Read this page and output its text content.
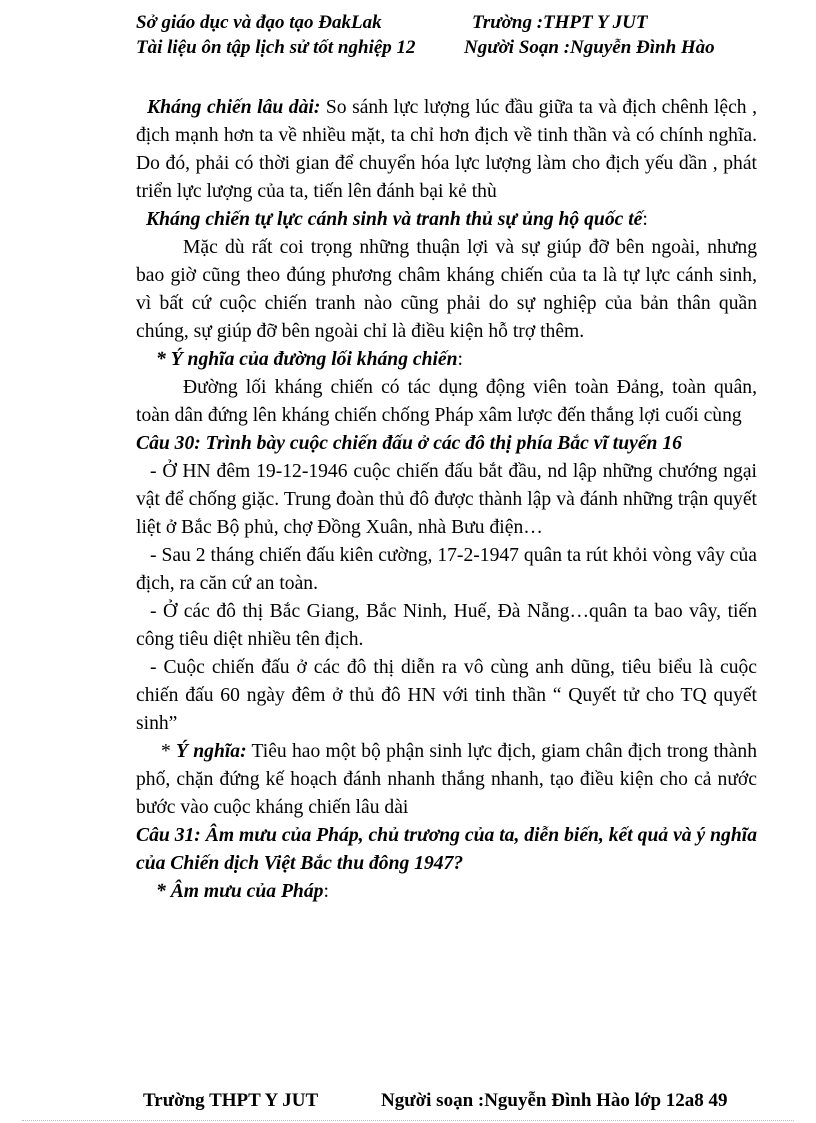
Sở giáo dục và đạo tạo ĐakLak	Trường :THPT Y JUT
Tài liệu ôn tập lịch sử tốt nghiệp 12	Người Soạn :Nguyễn Đình Hào

Kháng chiến lâu dài: So sánh lực lượng lúc đầu giữa ta và địch chênh lệch , địch mạnh hơn ta về nhiều mặt, ta chỉ hơn địch về tinh thần và có chính nghĩa. Do đó, phải có thời gian để chuyển hóa lực lượng làm cho địch yếu dần , phát triển lực lượng của ta, tiến lên đánh bại kẻ thù

Kháng chiến tự lực cánh sinh và tranh thủ sự ủng hộ quốc tế:

Mặc dù rất coi trọng những thuận lợi và sự giúp đỡ bên ngoài, nhưng bao giờ cũng theo đúng phương châm kháng chiến của ta là tự lực cánh sinh, vì bất cứ cuộc chiến tranh nào cũng phải do sự nghiệp của bản thân quần chúng, sự giúp đỡ bên ngoài chỉ là điều kiện hỗ trợ thêm.

* Ý nghĩa của đường lối kháng chiến:

Đường lối kháng chiến có tác dụng động viên toàn Đảng, toàn quân, toàn dân đứng lên kháng chiến chống Pháp xâm lược đến thắng lợi cuối cùng

Câu 30: Trình bày cuộc chiến đấu ở các đô thị phía Bắc vĩ tuyến 16

- Ở HN đêm 19-12-1946 cuộc chiến đấu bắt đầu, nd lập những chướng ngại vật để chống giặc. Trung đoàn thủ đô được thành lập và đánh những trận quyết liệt ở Bắc Bộ phủ, chợ Đồng Xuân, nhà Bưu điện…

- Sau 2 tháng chiến đấu kiên cường, 17-2-1947 quân ta rút khỏi vòng vây của địch, ra căn cứ an toàn.

- Ở các đô thị Bắc Giang, Bắc Ninh, Huế, Đà Nẵng…quân ta bao vây, tiến công tiêu diệt nhiều tên địch.

- Cuộc chiến đấu ở các đô thị diễn ra vô cùng anh dũng, tiêu biểu là cuộc chiến đấu 60 ngày đêm ở thủ đô HN với tinh thần “ Quyết tử cho TQ quyết sinh”

* Ý nghĩa: Tiêu hao một bộ phận sinh lực địch, giam chân địch trong thành phố, chặn đứng kế hoạch đánh nhanh thắng nhanh, tạo điều kiện cho cả nước bước vào cuộc kháng chiến lâu dài

Câu 31: Âm mưu của Pháp, chủ trương của ta, diễn biến, kết quả và ý nghĩa của Chiến dịch Việt Bắc thu đông 1947?

* Âm mưu của Pháp:

Trường THPT Y JUT	Người soạn :Nguyễn Đình Hào lớp 12a8 49
